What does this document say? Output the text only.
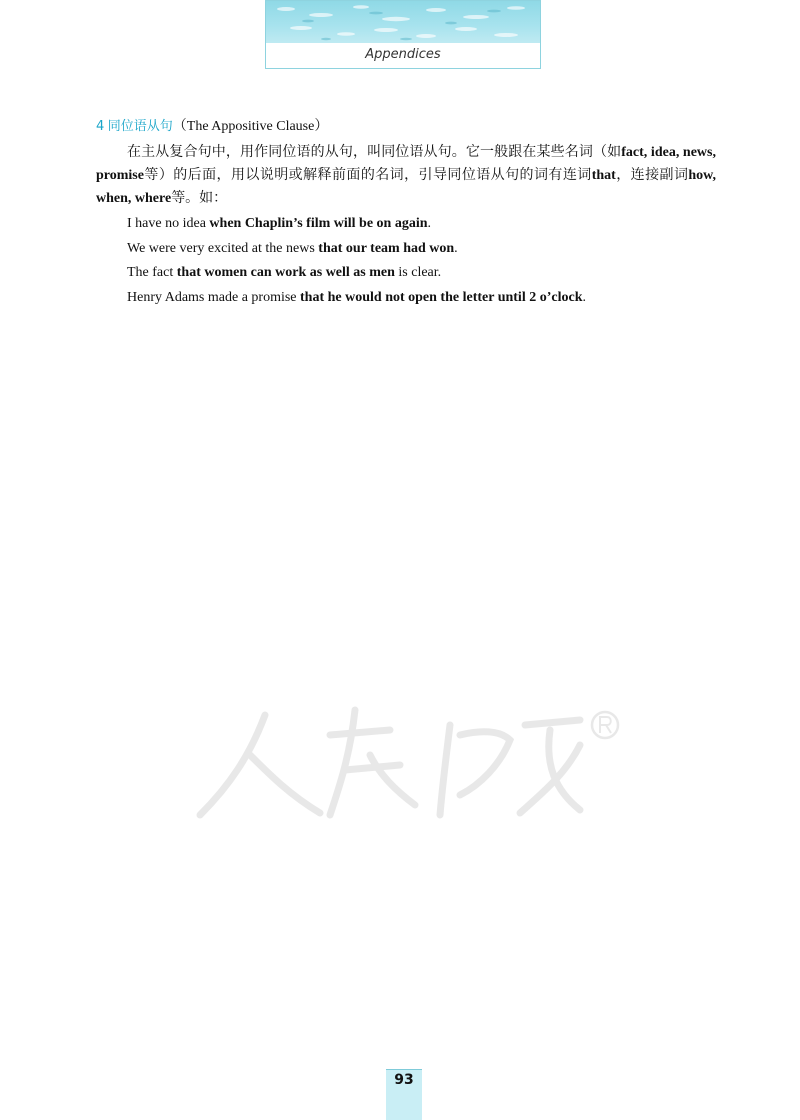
Appendices
4 同位语从句（The Appositive Clause）

在主从复合句中，用作同位语的从句，叫同位语从句。它一般跟在某些名词（如fact, idea, news, promise等）的后面，用以说明或解释前面的名词，引导同位语从句的词有连词that，连接副词how, when, where等。如：

I have no idea when Chaplin’s film will be on again.
We were very excited at the news that our team had won.
The fact that women can work as well as men is clear.
Henry Adams made a promise that he would not open the letter until 2 o’clock.
93
